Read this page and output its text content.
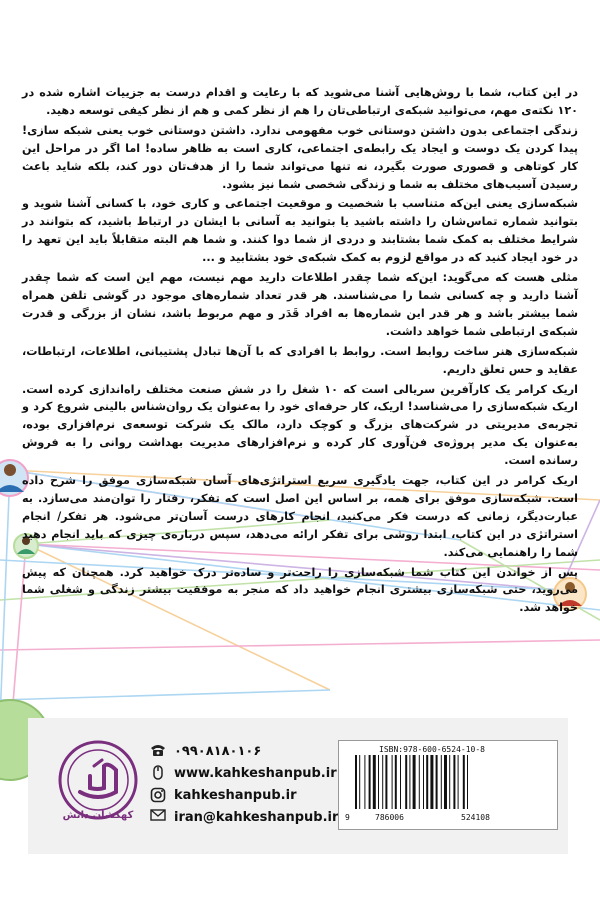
در این کتاب، شما با روش‌هایی آشنا می‌شوید که با رعایت و اقدام درست به جزییات اشاره شده در ۱۲۰ نکته‌ی مهم، می‌توانید شبکه‌ی ارتباطی‌تان را هم از نظر کمی و هم از نظر کیفی توسعه دهید.

زندگی اجتماعی بدون داشتن دوستانی خوب مفهومی ندارد. داشتن دوستانی خوب یعنی شبکه سازی! پیدا کردن یک دوست و ایجاد یک رابطه‌ی اجتماعی، کاری است به ظاهر ساده! اما اگر در مراحل این کار کوتاهی و قصوری صورت بگیرد، نه تنها می‌تواند شما را از هدف‌تان دور کند، بلکه شاید باعث رسیدن آسیب‌های مختلف به شما و زندگی شخصی شما نیز بشود.

شبکه‌سازی یعنی این‌که متناسب با شخصیت و موقعیت اجتماعی و کاری خود، با کسانی آشنا شوید و بتوانید شماره تماس‌شان را داشته باشید یا بتوانید به آسانی با ایشان در ارتباط باشید، که بتوانند در شرایط مختلف به کمک شما بشتابند و دردی از شما دوا کنند. و شما هم البته متقابلاً باید این تعهد را در خود ایجاد کنید که در مواقع لزوم به کمک شبکه‌ی خود بشتابید و ...

مثلی هست که می‌گوید: این‌که شما چقدر اطلاعات دارید مهم نیست، مهم این است که شما چقدر آشنا دارید و چه کسانی شما را می‌شناسند. هر قدر تعداد شماره‌های موجود در گوشی تلفن همراه شما بیشتر باشد و هر قدر این شماره‌ها به افراد قَدَر و مهم مربوط باشد، نشان از بزرگی و قدرت شبکه‌ی ارتباطی شما خواهد داشت.

شبکه‌سازی هنر ساخت روابط است. روابط با افرادی که با آن‌ها تبادل پشتیبانی، اطلاعات، ارتباطات، عقاید و حس تعلق داریم.

اریک کرامر یک کارآفرین سریالی است که ۱۰ شغل را در شش صنعت مختلف راه‌اندازی کرده است. اریک شبکه‌سازی را می‌شناسد! اریک، کار حرفه‌ای خود را به‌عنوان یک روان‌شناس بالینی شروع کرد و تجربه‌ی مدیریتی در شرکت‌های بزرگ و کوچک دارد، مالک یک شرکت توسعه‌ی نرم‌افزاری بوده، به‌عنوان یک مدیر پروژه‌ی فن‌آوری کار کرده و نرم‌افزارهای مدیریت بهداشت روانی را به فروش رسانده است.

اریک کرامر در این کتاب، جهت یادگیری سریع استراتژی‌های آسان شبکه‌سازی موفق را شرح داده است. شبکه‌سازی موفق برای همه، بر اساس این اصل است که تفکر، رفتار را توان‌مند می‌سازد. به عبارت‌دیگر، زمانی که درست فکر می‌کنید، انجام کارهای درست آسان‌تر می‌شود. هر تفکر/ انجام استراتژی در این کتاب، ابتدا روشی برای تفکر ارائه می‌دهد، سپس درباره‌ی چیزی که باید انجام دهید شما را راهنمایی می‌کند.

پس از خواندن این کتاب شما شبکه‌سازی را راحت‌تر و ساده‌تر درک خواهید کرد. همچنان که پیش می‌روید، حتی شبکه‌سازی بیشتری انجام خواهید داد که منجر به موفقیت بیشتر زندگی و شغلی شما خواهد شد.

کهکشان دانش
۰۹۹۰۸۱۸۰۱۰۶
www.kahkeshanpub.ir
kahkeshanpub.ir
iran@kahkeshanpub.ir
ISBN:978-600-6524-10-8
9	786006	524108
